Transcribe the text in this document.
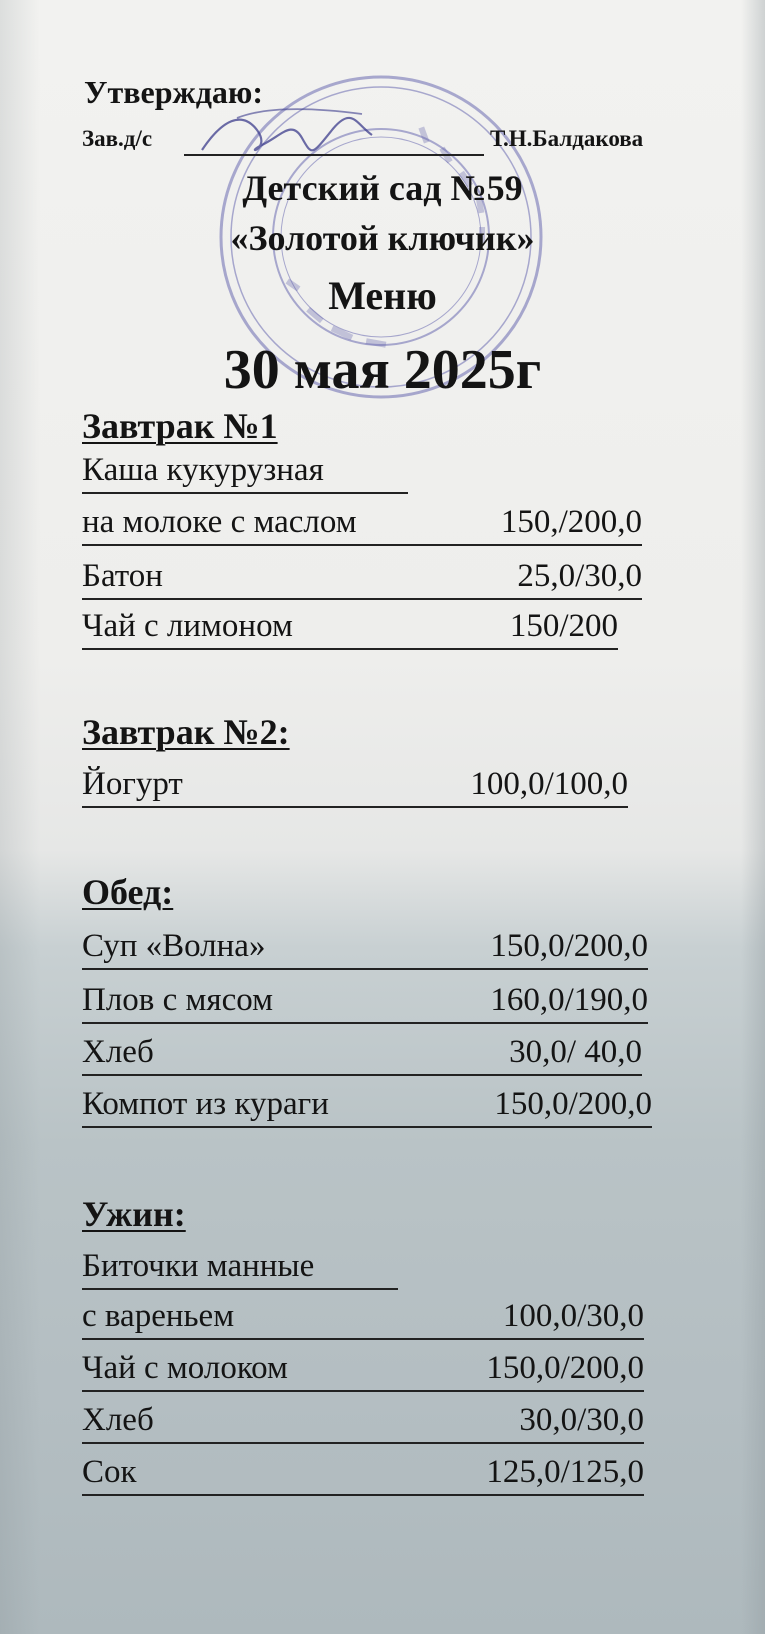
Утверждаю:
Зав.д/с	Т.Н.Балдакова
Детский сад №59
«Золотой ключик»
Меню
30 мая 2025г
Завтрак №1
Каша кукурузная
на молоке с маслом	150,/200,0
Батон	25,0/30,0
Чай с лимоном	150/200
Завтрак №2:
Йогурт	100,0/100,0
Обед:
Суп «Волна»	150,0/200,0
Плов с мясом	160,0/190,0
Хлеб	30,0/ 40,0
Компот из кураги	150,0/200,0
Ужин:
Биточки манные
с вареньем	100,0/30,0
Чай с молоком	150,0/200,0
Хлеб	30,0/30,0
Сок	125,0/125,0
